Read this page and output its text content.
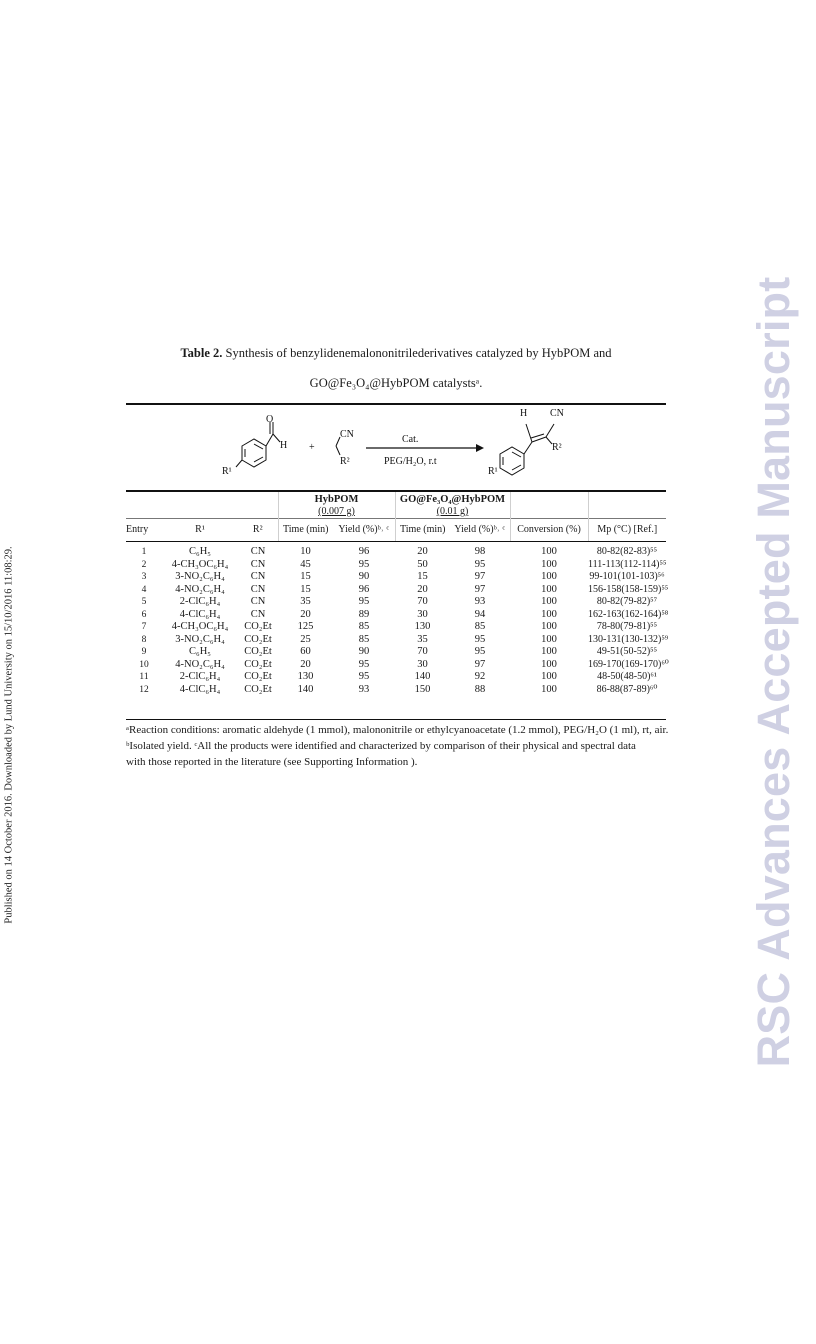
Published on 14 October 2016. Downloaded by Lund University on 15/10/2016 11:08:29.	RSC Advances Accepted Manuscript
Table 2. Synthesis of benzylidenemalononitrilederivatives catalyzed by HybPOM and
GO@Fe₃O₄@HybPOM catalystsᵃ.
O
H
R¹
+
CN
R²
Cat.
PEG/H₂O, r.t
H CN
R²
R¹
			HybPOM		GO@Fe₃O₄@HybPOM			
			(0.007 g)		(0.01 g)			
Entry	R¹	R²	Time (min)	Yield (%)ᵇ˒ ᶜ	Time (min)	Yield (%)ᵇ˒ ᶜ	Conversion (%)	Mp (°C) [Ref.]
1	C₆H₅	CN	10	96	20	98	100	80-82(82-83)⁵⁵
2	4-CH₃OC₆H₄	CN	45	95	50	95	100	111-113(112-114)⁵⁵
3	3-NO₂C₆H₄	CN	15	90	15	97	100	99-101(101-103)⁵⁶
4	4-NO₂C₆H₄	CN	15	96	20	97	100	156-158(158-159)⁵⁵
5	2-ClC₆H₄	CN	35	95	70	93	100	80-82(79-82)⁵⁷
6	4-ClC₆H₄	CN	20	89	30	94	100	162-163(162-164)⁵⁸
7	4-CH₃OC₆H₄	CO₂Et	125	85	130	85	100	78-80(79-81)⁵⁵
8	3-NO₂C₆H₄	CO₂Et	25	85	35	95	100	130-131(130-132)⁵⁹
9	C₆H₅	CO₂Et	60	90	70	95	100	49-51(50-52)⁵⁵
10	4-NO₂C₆H₄	CO₂Et	20	95	30	97	100	169-170(169-170)⁶⁰
11	2-ClC₆H₄	CO₂Et	130	95	140	92	100	48-50(48-50)⁶¹
12	4-ClC₆H₄	CO₂Et	140	93	150	88	100	86-88(87-89)⁶⁰

ᵃReaction conditions: aromatic aldehyde (1 mmol), malononitrile or ethylcyanoacetate (1.2 mmol), PEG/H₂O (1 ml), rt, air.

ᵇIsolated yield. ᶜAll the products were identified and characterized by comparison of their physical and spectral data

with those reported in the literature (see Supporting Information ).
